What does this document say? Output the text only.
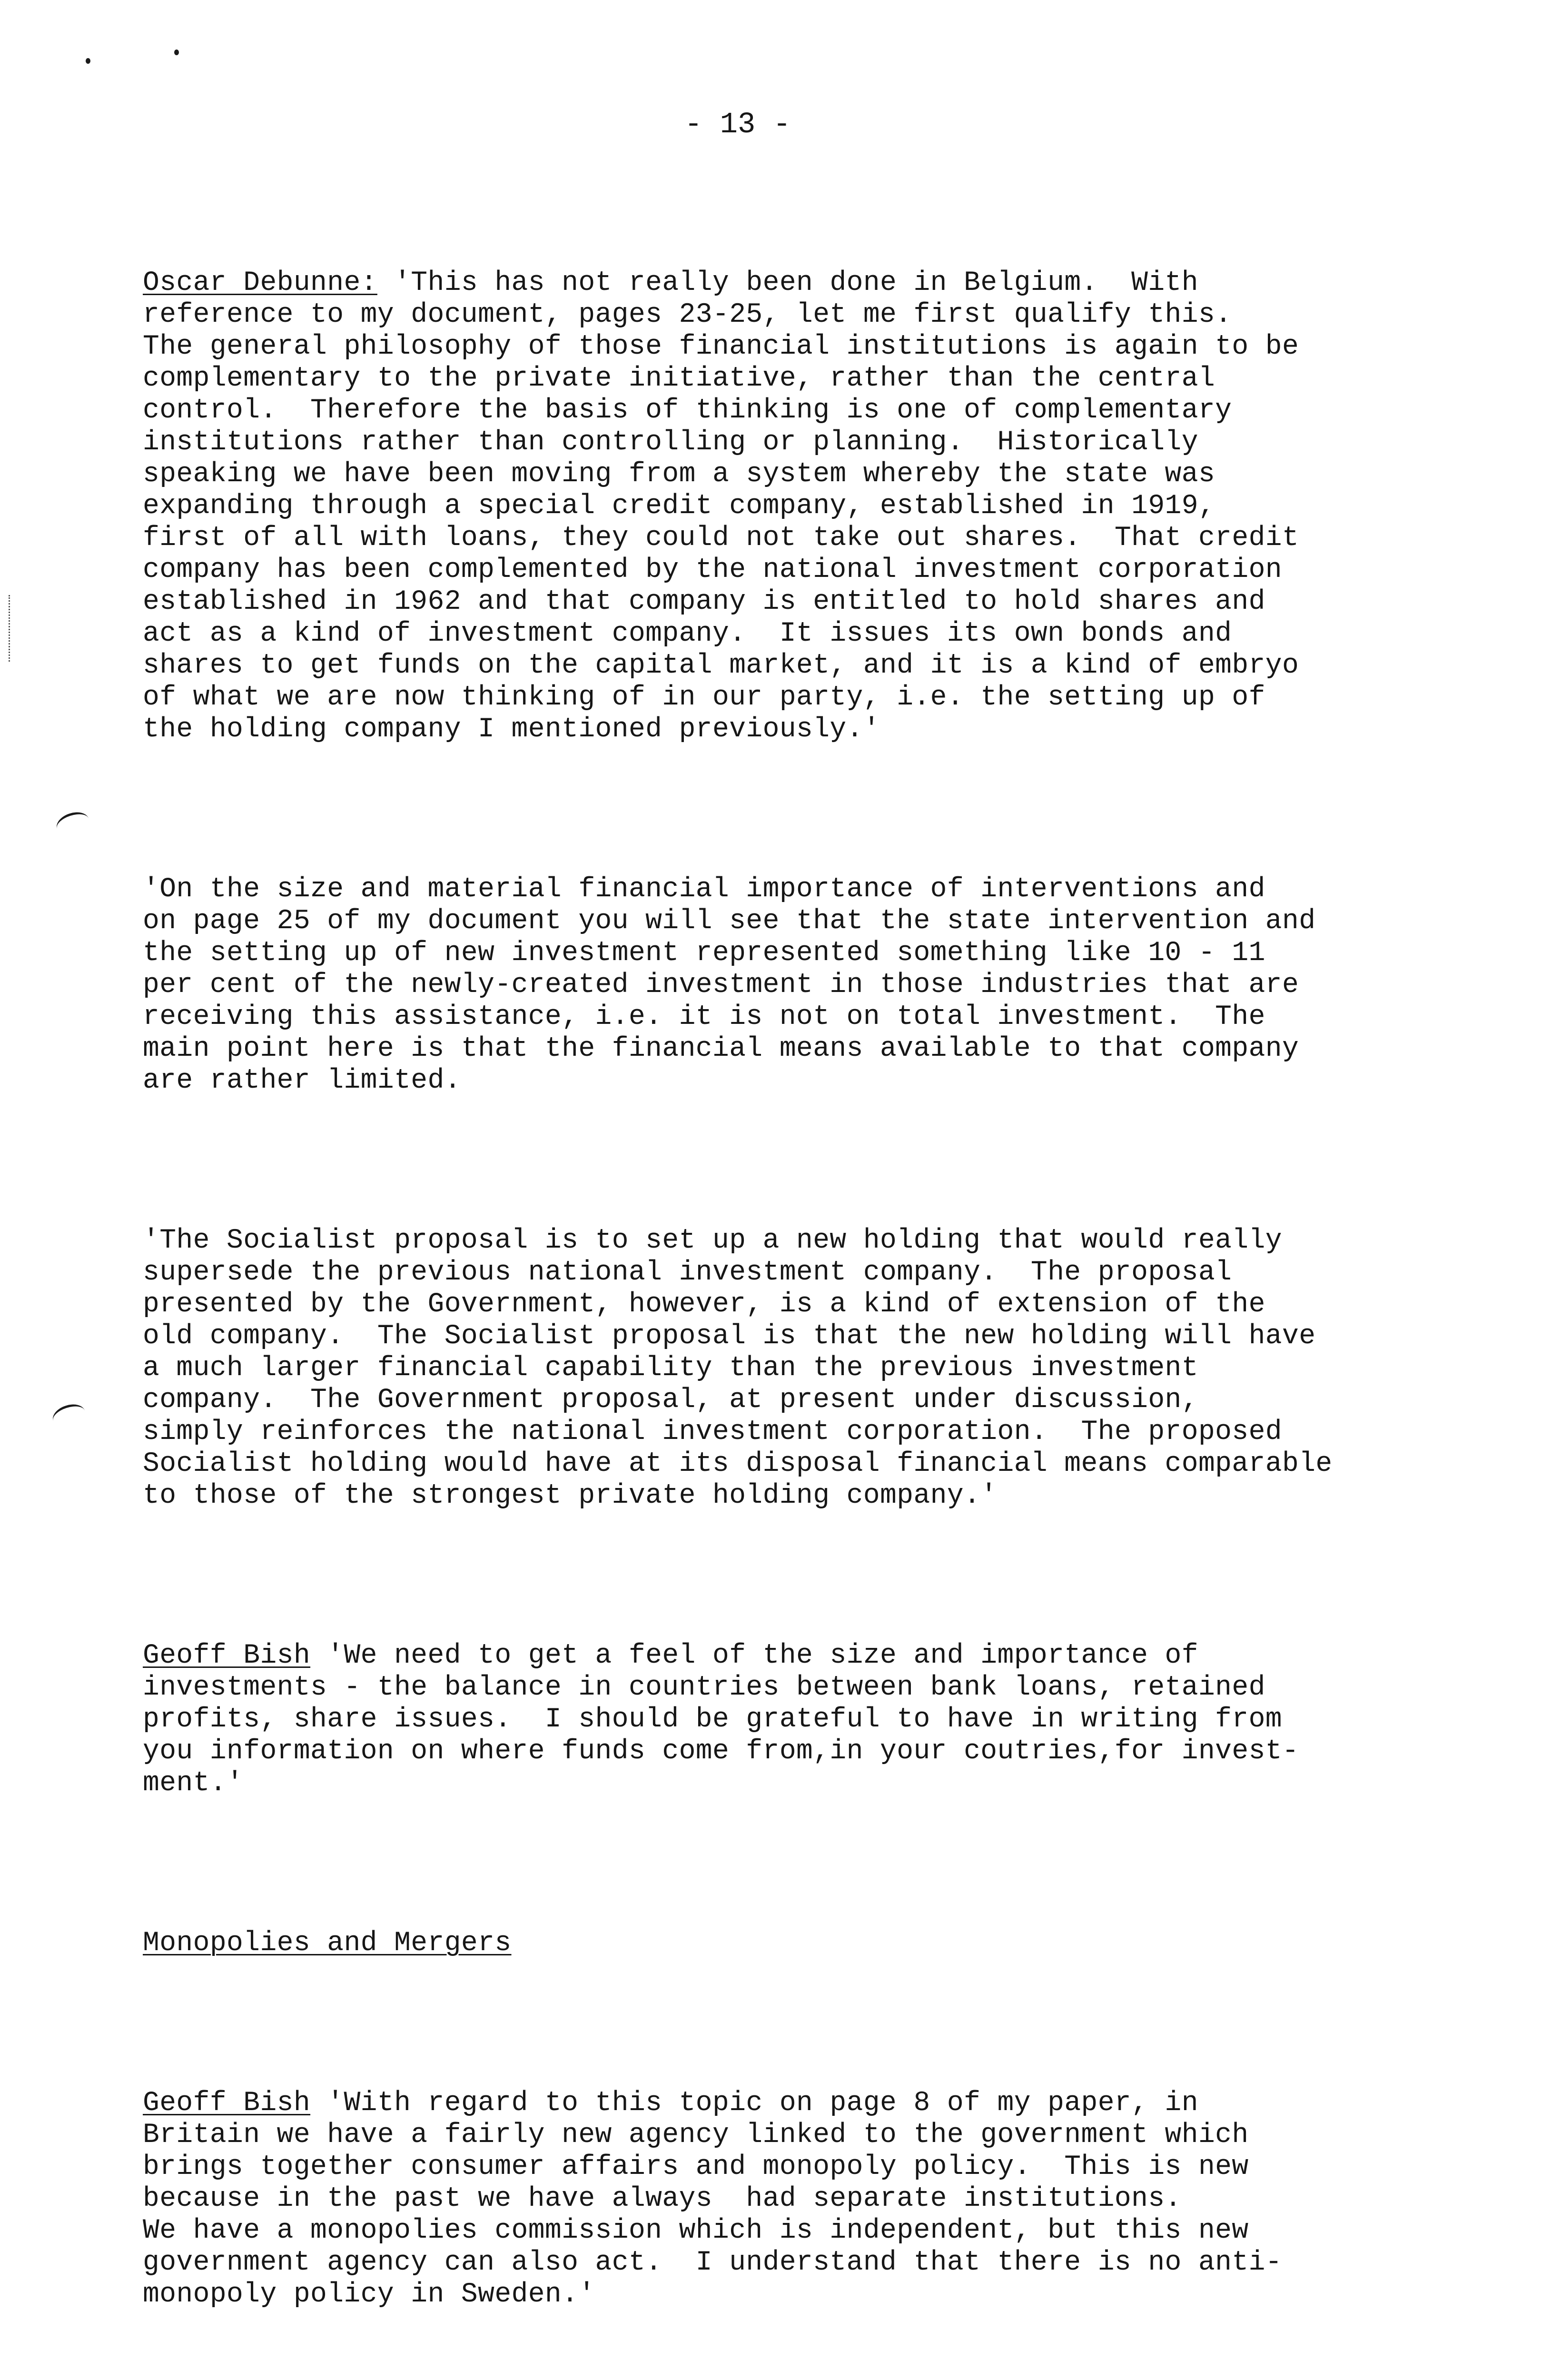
- 13 -

Oscar Debunne: 'This has not really been done in Belgium.  With
reference to my document, pages 23-25, let me first qualify this.
The general philosophy of those financial institutions is again to be
complementary to the private initiative, rather than the central
control.  Therefore the basis of thinking is one of complementary
institutions rather than controlling or planning.  Historically
speaking we have been moving from a system whereby the state was
expanding through a special credit company, established in 1919,
first of all with loans, they could not take out shares.  That credit
company has been complemented by the national investment corporation
established in 1962 and that company is entitled to hold shares and
act as a kind of investment company.  It issues its own bonds and
shares to get funds on the capital market, and it is a kind of embryo
of what we are now thinking of in our party, i.e. the setting up of
the holding company I mentioned previously.'

'On the size and material financial importance of interventions and
on page 25 of my document you will see that the state intervention and
the setting up of new investment represented something like 10 - 11
per cent of the newly-created investment in those industries that are
receiving this assistance, i.e. it is not on total investment.  The
main point here is that the financial means available to that company
are rather limited.

'The Socialist proposal is to set up a new holding that would really
supersede the previous national investment company.  The proposal
presented by the Government, however, is a kind of extension of the
old company.  The Socialist proposal is that the new holding will have
a much larger financial capability than the previous investment
company.  The Government proposal, at present under discussion,
simply reinforces the national investment corporation.  The proposed
Socialist holding would have at its disposal financial means comparable
to those of the strongest private holding company.'

Geoff Bish 'We need to get a feel of the size and importance of
investments - the balance in countries between bank loans, retained
profits, share issues.  I should be grateful to have in writing from
you information on where funds come from,in your coutries,for invest-
ment.'

Monopolies and Mergers

Geoff Bish 'With regard to this topic on page 8 of my paper, in
Britain we have a fairly new agency linked to the government which
brings together consumer affairs and monopoly policy.  This is new
because in the past we have always  had separate institutions.
We have a monopolies commission which is independent, but this new
government agency can also act.  I understand that there is no anti-
monopoly policy in Sweden.'
